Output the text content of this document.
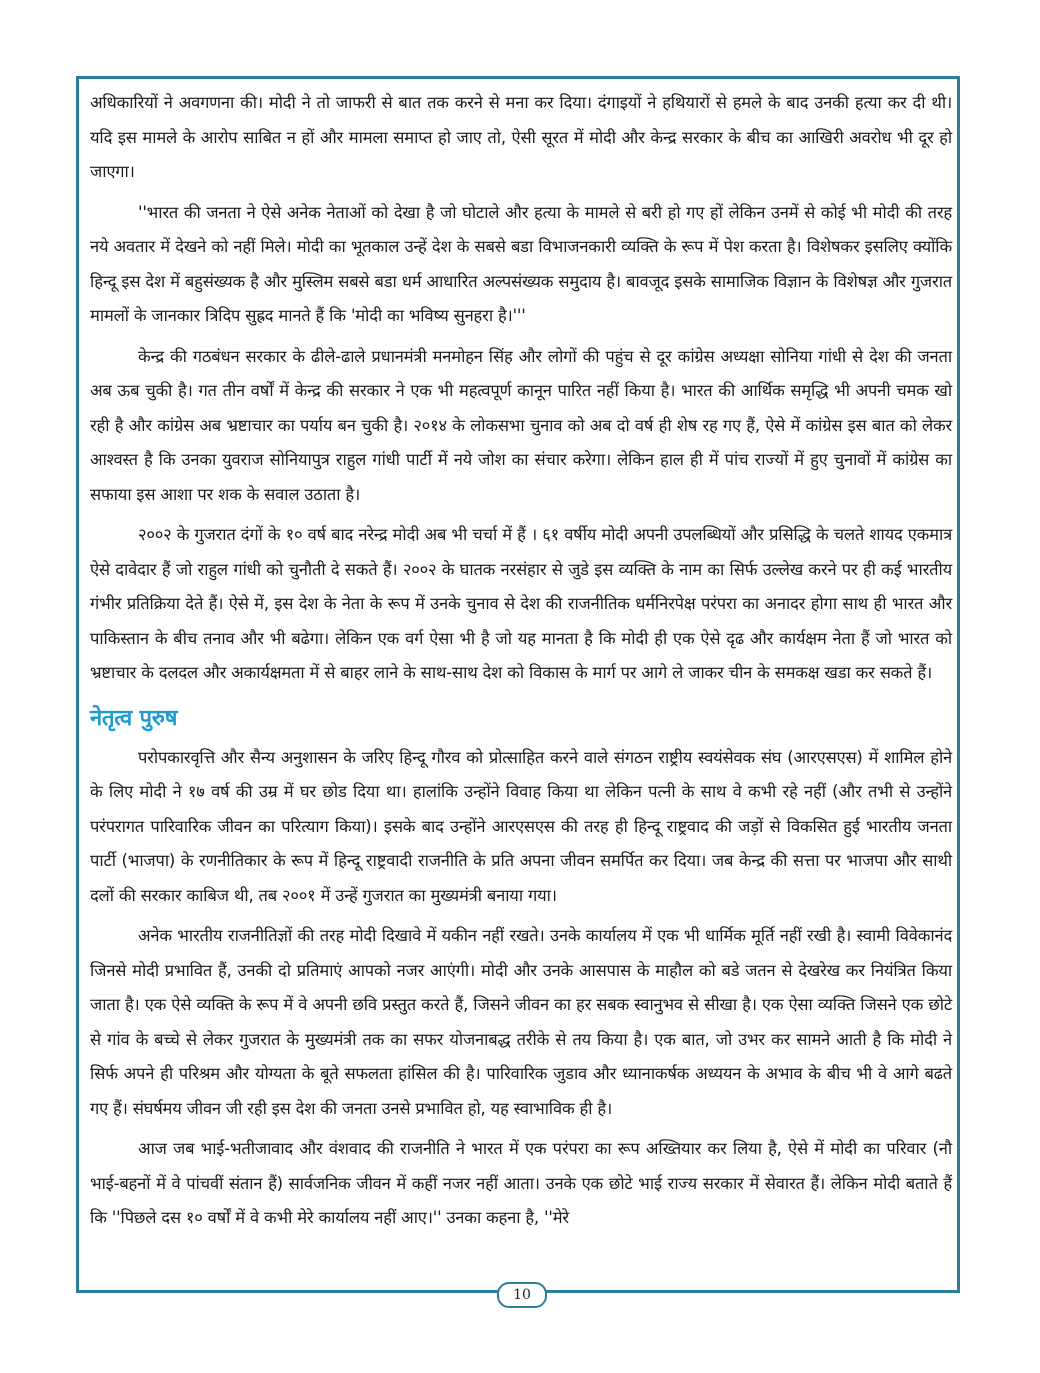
अधिकारियों ने अवगणना की। मोदी ने तो जाफरी से बात तक करने से मना कर दिया। दंगाइयों ने हथियारों से हमले के बाद उनकी हत्या कर दी थी। यदि इस मामले के आरोप साबित न हों और मामला समाप्त हो जाए तो, ऐसी सूरत में मोदी और केन्द्र सरकार के बीच का आखिरी अवरोध भी दूर हो जाएगा।

''भारत की जनता ने ऐसे अनेक नेताओं को देखा है जो घोटाले और हत्या के मामले से बरी हो गए हों लेकिन उनमें से कोई भी मोदी की तरह नये अवतार में देखने को नहीं मिले। मोदी का भूतकाल उन्हें देश के सबसे बडा विभाजनकारी व्यक्ति के रूप में पेश करता है। विशेषकर इसलिए क्योंकि हिन्दू इस देश में बहुसंख्यक है और मुस्लिम सबसे बडा धर्म आधारित अल्पसंख्यक समुदाय है। बावजूद इसके सामाजिक विज्ञान के विशेषज्ञ और गुजरात मामलों के जानकार त्रिदिप सुह्रद मानते हैं कि 'मोदी का भविष्य सुनहरा है।'''

केन्द्र की गठबंधन सरकार के ढीले-ढाले प्रधानमंत्री मनमोहन सिंह और लोगों की पहुंच से दूर कांग्रेस अध्यक्षा सोनिया गांधी से देश की जनता अब ऊब चुकी है। गत तीन वर्षों में केन्द्र की सरकार ने एक भी महत्वपूर्ण कानून पारित नहीं किया है। भारत की आर्थिक समृद्धि भी अपनी चमक खो रही है और कांग्रेस अब भ्रष्टाचार का पर्याय बन चुकी है। २०१४ के लोकसभा चुनाव को अब दो वर्ष ही शेष रह गए हैं, ऐसे में कांग्रेस इस बात को लेकर आश्वस्त है कि उनका युवराज सोनियापुत्र राहुल गांधी पार्टी में नये जोश का संचार करेगा। लेकिन हाल ही में पांच राज्यों में हुए चुनावों में कांग्रेस का सफाया इस आशा पर शक के सवाल उठाता है।

२००२ के गुजरात दंगों के १० वर्ष बाद नरेन्द्र मोदी अब भी चर्चा में हैं । ६१ वर्षीय मोदी अपनी उपलब्धियों और प्रसिद्धि के चलते शायद एकमात्र ऐसे दावेदार हैं जो राहुल गांधी को चुनौती दे सकते हैं। २००२ के घातक नरसंहार से जुडे इस व्यक्ति के नाम का सिर्फ उल्लेख करने पर ही कई भारतीय गंभीर प्रतिक्रिया देते हैं। ऐसे में, इस देश के नेता के रूप में उनके चुनाव से देश की राजनीतिक धर्मनिरपेक्ष परंपरा का अनादर होगा साथ ही भारत और पाकिस्तान के बीच तनाव और भी बढेगा। लेकिन एक वर्ग ऐसा भी है जो यह मानता है कि मोदी ही एक ऐसे दृढ और कार्यक्षम नेता हैं जो भारत को भ्रष्टाचार के दलदल और अकार्यक्षमता में से बाहर लाने के साथ-साथ देश को विकास के मार्ग पर आगे ले जाकर चीन के समकक्ष खडा कर सकते हैं।

नेतृत्व पुरुष

परोपकारवृत्ति और सैन्य अनुशासन के जरिए हिन्दू गौरव को प्रोत्साहित करने वाले संगठन राष्ट्रीय स्वयंसेवक संघ (आरएसएस) में शामिल होने के लिए मोदी ने १७ वर्ष की उम्र में घर छोड दिया था। हालांकि उन्होंने विवाह किया था लेकिन पत्नी के साथ वे कभी रहे नहीं (और तभी से उन्होंने परंपरागत पारिवारिक जीवन का परित्याग किया)। इसके बाद उन्होंने आरएसएस की तरह ही हिन्दू राष्ट्रवाद की जड़ों से विकसित हुई भारतीय जनता पार्टी (भाजपा) के रणनीतिकार के रूप में हिन्दू राष्ट्रवादी राजनीति के प्रति अपना जीवन समर्पित कर दिया। जब केन्द्र की सत्ता पर भाजपा और साथी दलों की सरकार काबिज थी, तब २००१ में उन्हें गुजरात का मुख्यमंत्री बनाया गया।

अनेक भारतीय राजनीतिज्ञों की तरह मोदी दिखावे में यकीन नहीं रखते। उनके कार्यालय में एक भी धार्मिक मूर्ति नहीं रखी है। स्वामी विवेकानंद जिनसे मोदी प्रभावित हैं, उनकी दो प्रतिमाएं आपको नजर आएंगी। मोदी और उनके आसपास के माहौल को बडे जतन से देखरेख कर नियंत्रित किया जाता है। एक ऐसे व्यक्ति के रूप में वे अपनी छवि प्रस्तुत करते हैं, जिसने जीवन का हर सबक स्वानुभव से सीखा है। एक ऐसा व्यक्ति जिसने एक छोटे से गांव के बच्चे से लेकर गुजरात के मुख्यमंत्री तक का सफर योजनाबद्ध तरीके से तय किया है। एक बात, जो उभर कर सामने आती है कि मोदी ने सिर्फ अपने ही परिश्रम और योग्यता के बूते सफलता हांसिल की है। पारिवारिक जुडाव और ध्यानाकर्षक अध्ययन के अभाव के बीच भी वे आगे बढते गए हैं। संघर्षमय जीवन जी रही इस देश की जनता उनसे प्रभावित हो, यह स्वाभाविक ही है।

आज जब भाई-भतीजावाद और वंशवाद की राजनीति ने भारत में एक परंपरा का रूप अख्तियार कर लिया है, ऐसे में मोदी का परिवार (नौ भाई-बहनों में वे पांचवीं संतान हैं) सार्वजनिक जीवन में कहीं नजर नहीं आता। उनके एक छोटे भाई राज्य सरकार में सेवारत हैं। लेकिन मोदी बताते हैं कि ''पिछले दस १० वर्षों में वे कभी मेरे कार्यालय नहीं आए।'' उनका कहना है, ''मेरे

10
